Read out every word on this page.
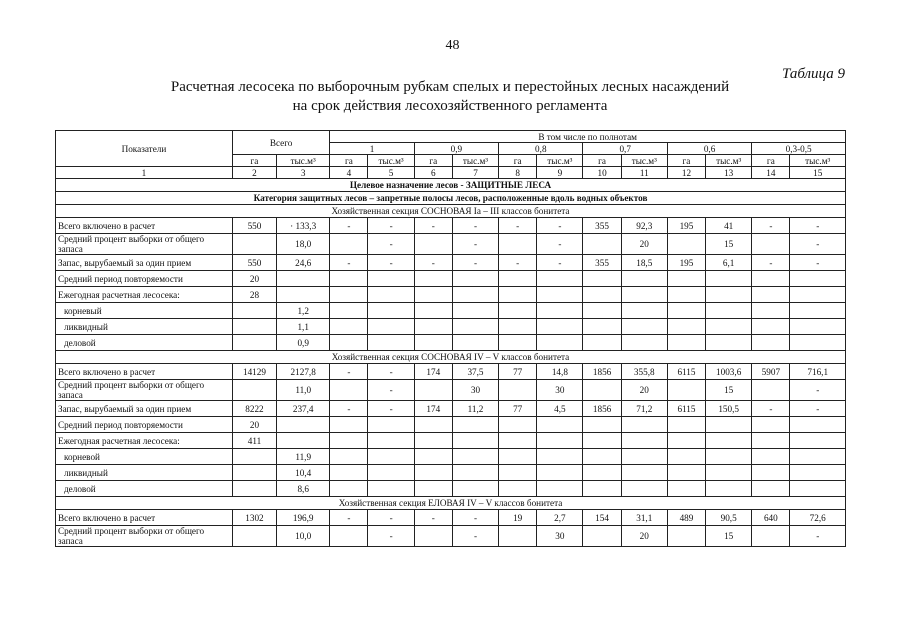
48
Таблица 9
Расчетная лесосека по выборочным рубкам спелых и перестойных лесных насаждений
на срок действия лесохозяйственного регламента
Показатели	Всего		В том числе по полнотам											
			1		0,9		0,8		0,7		0,6		0,3-0,5	
	га	тыс.м³	га	тыс.м³	га	тыс.м³	га	тыс.м³	га	тыс.м³	га	тыс.м³	га	тыс.м³
1	2	3	4	5	6	7	8	9	10	11	12	13	14	15
Целевое назначение лесов - ЗАЩИТНЫЕ ЛЕСА														
Категория защитных лесов – запретные полосы лесов, расположенные вдоль водных объектов														
Хозяйственная секция СОСНОВАЯ Iа – III классов бонитета														
Всего включено в расчет	550	· 133,3	-	-	-	-	-	-	355	92,3	195	41	-	-
Средний процент выборки от общего запаса		18,0		-		-		-		20		15		-
Запас, вырубаемый за один прием	550	24,6	-	-	-	-	-	-	355	18,5	195	6,1	-	-
Средний период повторяемости	20													
Ежегодная расчетная лесосека:	28													
корневый		1,2												
ликвидный		1,1												
деловой		0,9												
Хозяйственная секция СОСНОВАЯ IV – V классов бонитета														
Всего включено в расчет	14129	2127,8	-	-	174	37,5	77	14,8	1856	355,8	6115	1003,6	5907	716,1
Средний процент выборки от общего запаса		11,0		-		30		30		20		15		-
Запас, вырубаемый за один прием	8222	237,4	-	-	174	11,2	77	4,5	1856	71,2	6115	150,5	-	-
Средний период повторяемости	20													
Ежегодная расчетная лесосека:	411													
корневой		11,9												
ликвидный		10,4												
деловой		8,6												
Хозяйственная секция ЕЛОВАЯ IV – V классов бонитета														
Всего включено в расчет	1302	196,9	-	-	-	-	19	2,7	154	31,1	489	90,5	640	72,6
Средний процент выборки от общего запаса		10,0		-		-		30		20		15		-
